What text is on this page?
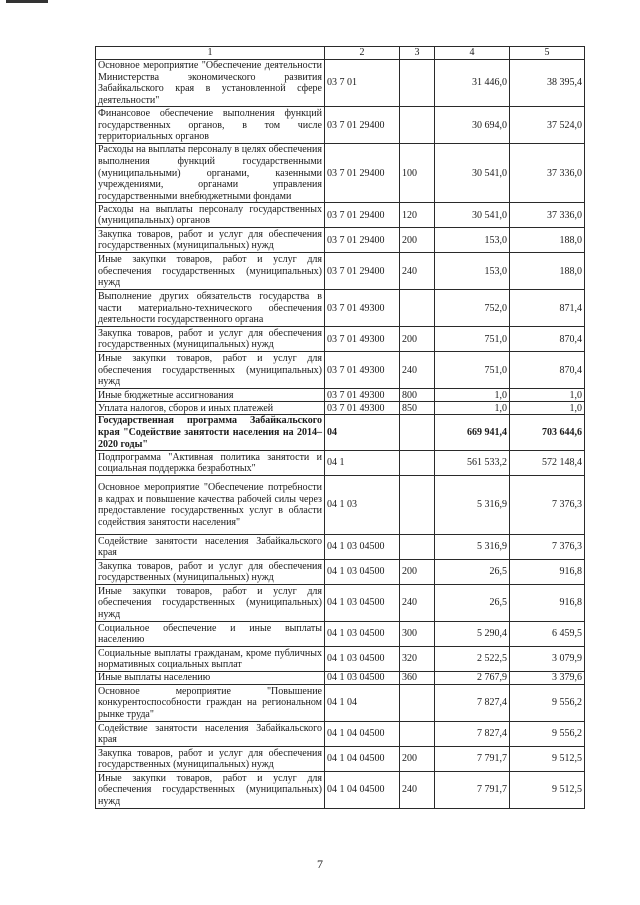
1	2	3	4	5
Основное мероприятие "Обеспечение деятельности Министерства экономического развития Забайкальского края в установленной сфере деятельности"	03 7 01		31 446,0	38 395,4
Финансовое обеспечение выполнения функций государственных органов, в том числе территориальных органов	03 7 01 29400		30 694,0	37 524,0
Расходы на выплаты персоналу в целях обеспечения выполнения функций государственными (муниципальными) органами, казенными учреждениями, органами управления государственными внебюджетными фондами	03 7 01 29400	100	30 541,0	37 336,0
Расходы на выплаты персоналу государственных (муниципальных) органов	03 7 01 29400	120	30 541,0	37 336,0
Закупка товаров, работ и услуг для обеспечения государственных (муниципальных) нужд	03 7 01 29400	200	153,0	188,0
Иные закупки товаров, работ и услуг для обеспечения государственных (муниципальных) нужд	03 7 01 29400	240	153,0	188,0
Выполнение других обязательств государства в части материально-технического обеспечения деятельности государственного органа	03 7 01 49300		752,0	871,4
Закупка товаров, работ и услуг для обеспечения государственных (муниципальных) нужд	03 7 01 49300	200	751,0	870,4
Иные закупки товаров, работ и услуг для обеспечения государственных (муниципальных) нужд	03 7 01 49300	240	751,0	870,4
Иные бюджетные ассигнования	03 7 01 49300	800	1,0	1,0
Уплата налогов, сборов и иных платежей	03 7 01 49300	850	1,0	1,0
Государственная программа Забайкальского края "Содействие занятости населения на 2014–2020 годы"	04		669 941,4	703 644,6
Подпрограмма "Активная политика занятости и социальная поддержка безработных"	04 1		561 533,2	572 148,4
Основное мероприятие "Обеспечение потребности в кадрах и повышение качества рабочей силы через предоставление государственных услуг в области содействия занятости населения"	04 1 03		5 316,9	7 376,3
Содействие занятости населения Забайкальского края	04 1 03 04500		5 316,9	7 376,3
Закупка товаров, работ и услуг для обеспечения государственных (муниципальных) нужд	04 1 03 04500	200	26,5	916,8
Иные закупки товаров, работ и услуг для обеспечения государственных (муниципальных) нужд	04 1 03 04500	240	26,5	916,8
Социальное обеспечение и иные выплаты населению	04 1 03 04500	300	5 290,4	6 459,5
Социальные выплаты гражданам, кроме публичных нормативных социальных выплат	04 1 03 04500	320	2 522,5	3 079,9
Иные выплаты населению	04 1 03 04500	360	2 767,9	3 379,6
Основное мероприятие "Повышение конкурентоспособности граждан на региональном рынке труда"	04 1 04		7 827,4	9 556,2
Содействие занятости населения Забайкальского края	04 1 04 04500		7 827,4	9 556,2
Закупка товаров, работ и услуг для обеспечения государственных (муниципальных) нужд	04 1 04 04500	200	7 791,7	9 512,5
Иные закупки товаров, работ и услуг для обеспечения государственных (муниципальных) нужд	04 1 04 04500	240	7 791,7	9 512,5
7
